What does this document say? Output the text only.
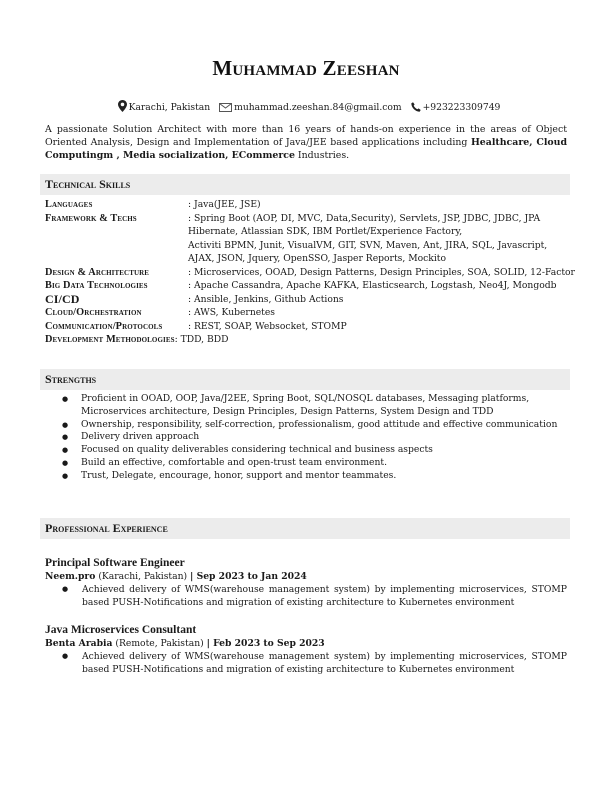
Muhammad Zeeshan
Karachi, Pakistan	muhammad.zeeshan.84@gmail.com +923223309749
A passionate Solution Architect with more than 16 years of hands-on experience in the areas of Object Oriented Analysis, Design and Implementation of Java/JEE based applications including Healthcare, Cloud Computingm , Media socialization, ECommerce Industries.
Technical Skills
Languages	: Java(JEE, JSE)
Framework & Techs	: Spring Boot (AOP, DI, MVC, Data,Security), Servlets, JSP, JDBC, JDBC, JPA
Hibernate, Atlassian SDK, IBM Portlet/Experience Factory,
Activiti BPMN, Junit, VisualVM, GIT, SVN, Maven, Ant, JIRA, SQL, Javascript,
AJAX, JSON, Jquery, OpenSSO, Jasper Reports, Mockito
Design & Architecture	: Microservices, OOAD, Design Patterns, Design Principles, SOA, SOLID, 12-Factor
Big Data Technologies	: Apache Cassandra, Apache KAFKA, Elasticsearch, Logstash, Neo4J, Mongodb
CI/CD	: Ansible, Jenkins, Github Actions
Cloud/Orchestration	: AWS, Kubernetes
Communication/Protocols	: REST, SOAP, Websocket, STOMP
Development Methodologies : TDD, BDD
Strengths
● Proficient in OOAD, OOP, Java/J2EE, Spring Boot, SQL/NOSQL databases, Messaging platforms, Microservices architecture, Design Principles, Design Patterns, System Design and TDD
● Ownership, responsibility, self-correction, professionalism, good attitude and effective communication
● Delivery driven approach
● Focused on quality deliverables considering technical and business aspects
● Build an effective, comfortable and open-trust team environment.
● Trust, Delegate, encourage, honor, support and mentor teammates.
Professional Experience
Principal Software Engineer
Neem.pro (Karachi, Pakistan) | Sep 2023 to Jan 2024
● Achieved delivery of WMS(warehouse management system) by implementing microservices, STOMP based PUSH-Notifications and migration of existing architecture to Kubernetes environment
Java Microservices Consultant
Benta Arabia (Remote, Pakistan) | Feb 2023 to Sep 2023
● Achieved delivery of WMS(warehouse management system) by implementing microservices, STOMP based PUSH-Notifications and migration of existing architecture to Kubernetes environment
